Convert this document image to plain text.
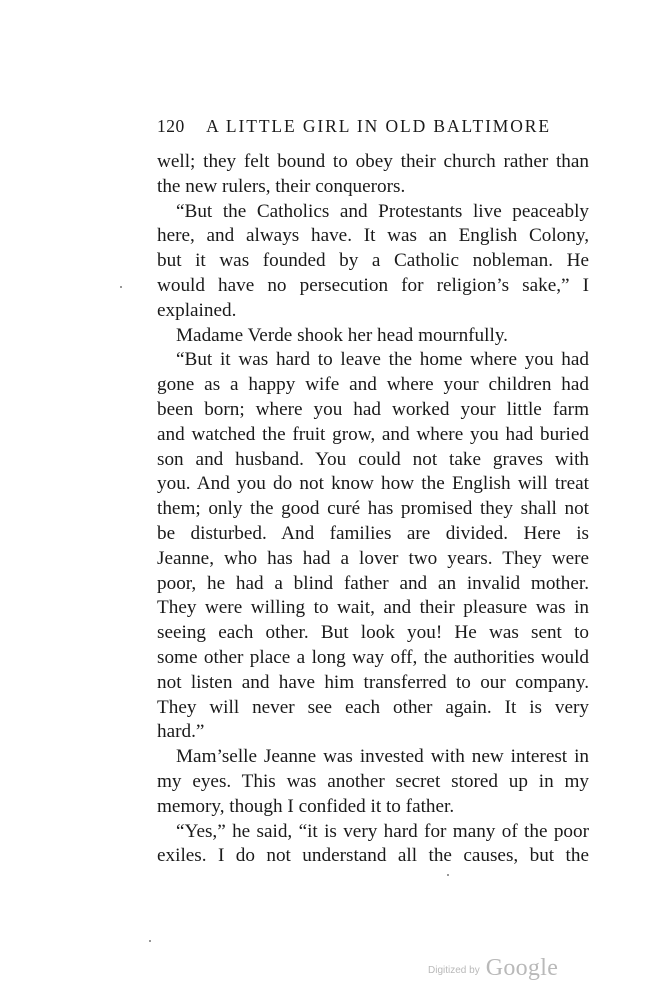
120 A LITTLE GIRL IN OLD BALTIMORE
well; they felt bound to obey their church rather than
the new rulers, their conquerors.
“But the Catholics and Protestants live peaceably
here, and always have. It was an English Colony,
but it was founded by a Catholic nobleman. He
would have no persecution for religion’s sake,” I
explained.
Madame Verde shook her head mournfully.
“But it was hard to leave the home where you had
gone as a happy wife and where your children had
been born; where you had worked your little farm
and watched the fruit grow, and where you had buried
son and husband. You could not take graves with
you. And you do not know how the English will treat
them; only the good curé has promised they shall not
be disturbed. And families are divided. Here is
Jeanne, who has had a lover two years. They were
poor, he had a blind father and an invalid mother.
They were willing to wait, and their pleasure was in
seeing each other. But look you! He was sent to
some other place a long way off, the authorities would
not listen and have him transferred to our company.
They will never see each other again. It is very
hard.”
Mam’selle Jeanne was invested with new interest in
my eyes. This was another secret stored up in my
memory, though I confided it to father.
“Yes,” he said, “it is very hard for many of the poor
exiles. I do not understand all the causes, but the
Digitized by Google
